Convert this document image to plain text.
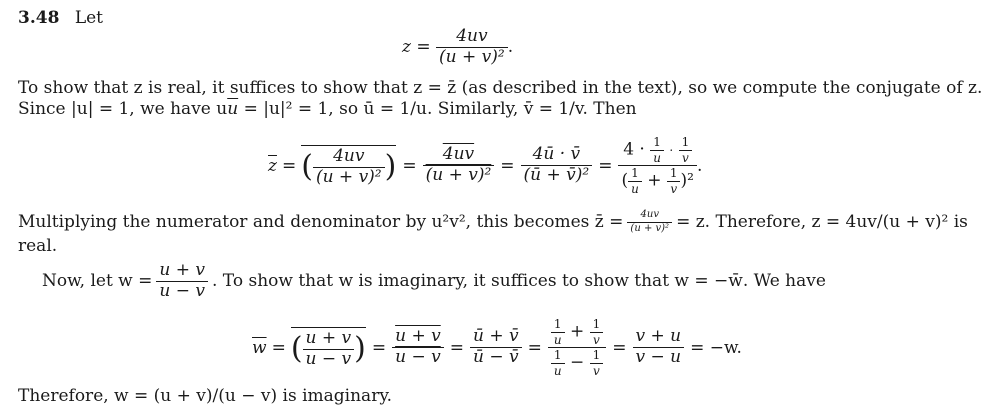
3.48 Let
$z = \frac{4uv}{\text{(u + v)²}}$ .
To show that z is real, it suffices to show that z = z̄ (as described in the text), so we compute the conjugate of z.
Since |u| = 1, we have $u\overline{u} = |u|^2 = 1$, so ū = 1/u. Similarly, v̄ = 1/v. Then
$\overline{z}$ = ( $\frac{4uv}{\text{(u + v)²}}$ ) = $\frac{4uv}{\text{(u + v)²}} = \frac{4ū \cdot v̄}{\text{(ū + v̄)²}} = \frac{4 \cdot \frac{1}{u} \cdot \frac{1}{v}}{( \frac{1}{u} + \frac{1}{v} )^2}$ .
Multiplying the numerator and denominator by u²v², this becomes z̄ = $\frac{4uv}{\text{(u + v)²}} = z$. Therefore, z = 4uv/(u + v)² is
real.
Now, let $w = \frac{u + v}{u - v}$ . To show that w is imaginary, it suffices to show that w = −w̄. We have
$\overline{w}$ = ( $\frac{u + v}{u - v}$ ) = $\frac{u + v}{u - v} = \frac{ū + v̄}{ū - v̄} = \frac{\frac{1}{u} + \frac{1}{v}}{\frac{1}{u} - \frac{1}{v}} = \frac{v + u}{v - u} = -w$.
Therefore, w = (u + v)/(u − v) is imaginary.
